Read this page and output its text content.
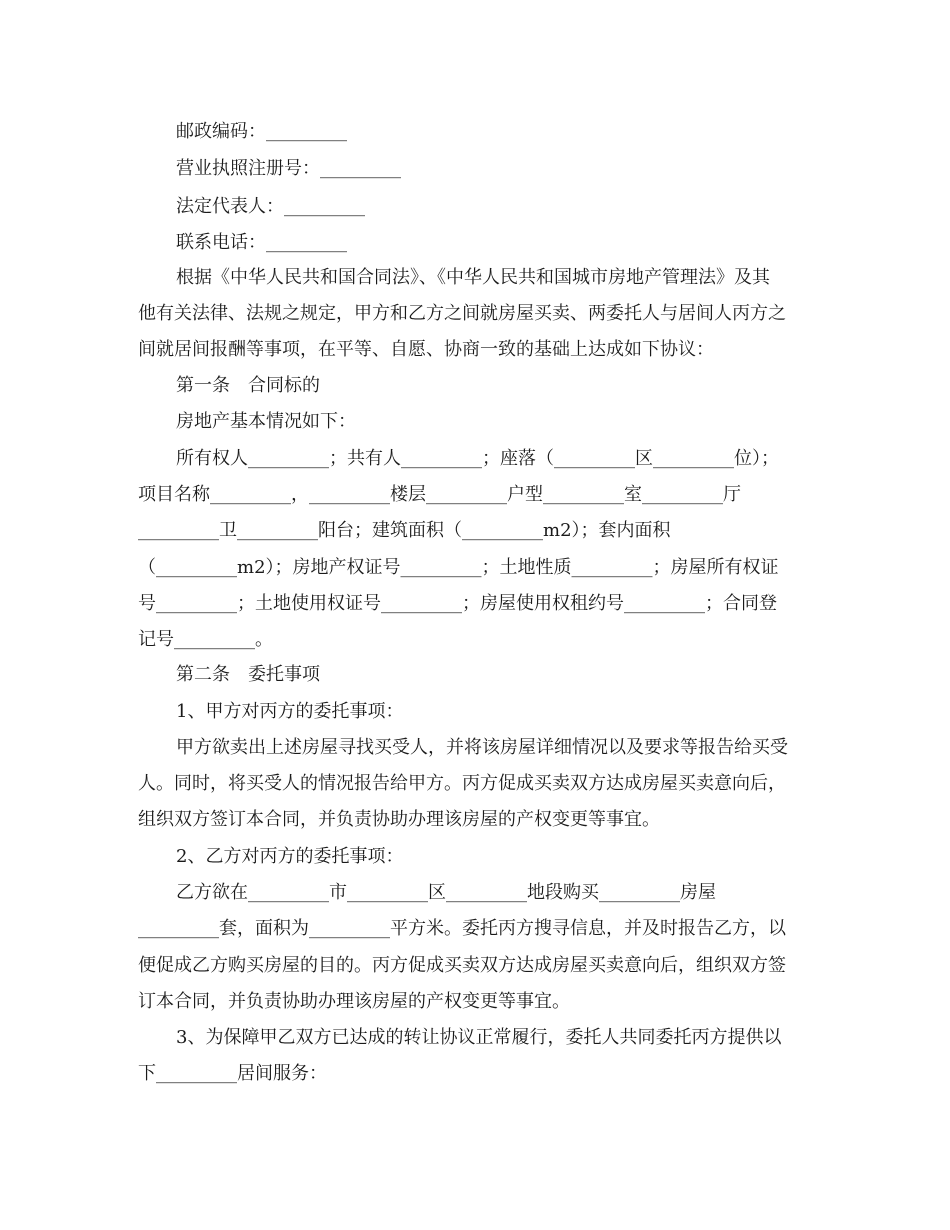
邮政编码：_________
营业执照注册号：_________
法定代表人：_________
联系电话：_________
根据《中华人民共和国合同法》、《中华人民共和国城市房地产管理法》及其
他有关法律、法规之规定，甲方和乙方之间就房屋买卖、两委托人与居间人丙方之
间就居间报酬等事项，在平等、自愿、协商一致的基础上达成如下协议：
第一条　合同标的
房地产基本情况如下：
所有权人_________；共有人_________；座落（_________区_________位）；
项目名称_________，_________楼层_________户型_________室_________厅
_________卫_________阳台；建筑面积（_________m2）；套内面积
（_________m2）；房地产权证号_________；土地性质_________；房屋所有权证
号_________；土地使用权证号_________；房屋使用权租约号_________；合同登
记号_________。
第二条　委托事项
1、甲方对丙方的委托事项：
甲方欲卖出上述房屋寻找买受人，并将该房屋详细情况以及要求等报告给买受
人。同时，将买受人的情况报告给甲方。丙方促成买卖双方达成房屋买卖意向后，
组织双方签订本合同，并负责协助办理该房屋的产权变更等事宜。
2、乙方对丙方的委托事项：
乙方欲在_________市_________区_________地段购买_________房屋
_________套，面积为_________平方米。委托丙方搜寻信息，并及时报告乙方，以
便促成乙方购买房屋的目的。丙方促成买卖双方达成房屋买卖意向后，组织双方签
订本合同，并负责协助办理该房屋的产权变更等事宜。
3、为保障甲乙双方已达成的转让协议正常履行，委托人共同委托丙方提供以
下_________居间服务：
